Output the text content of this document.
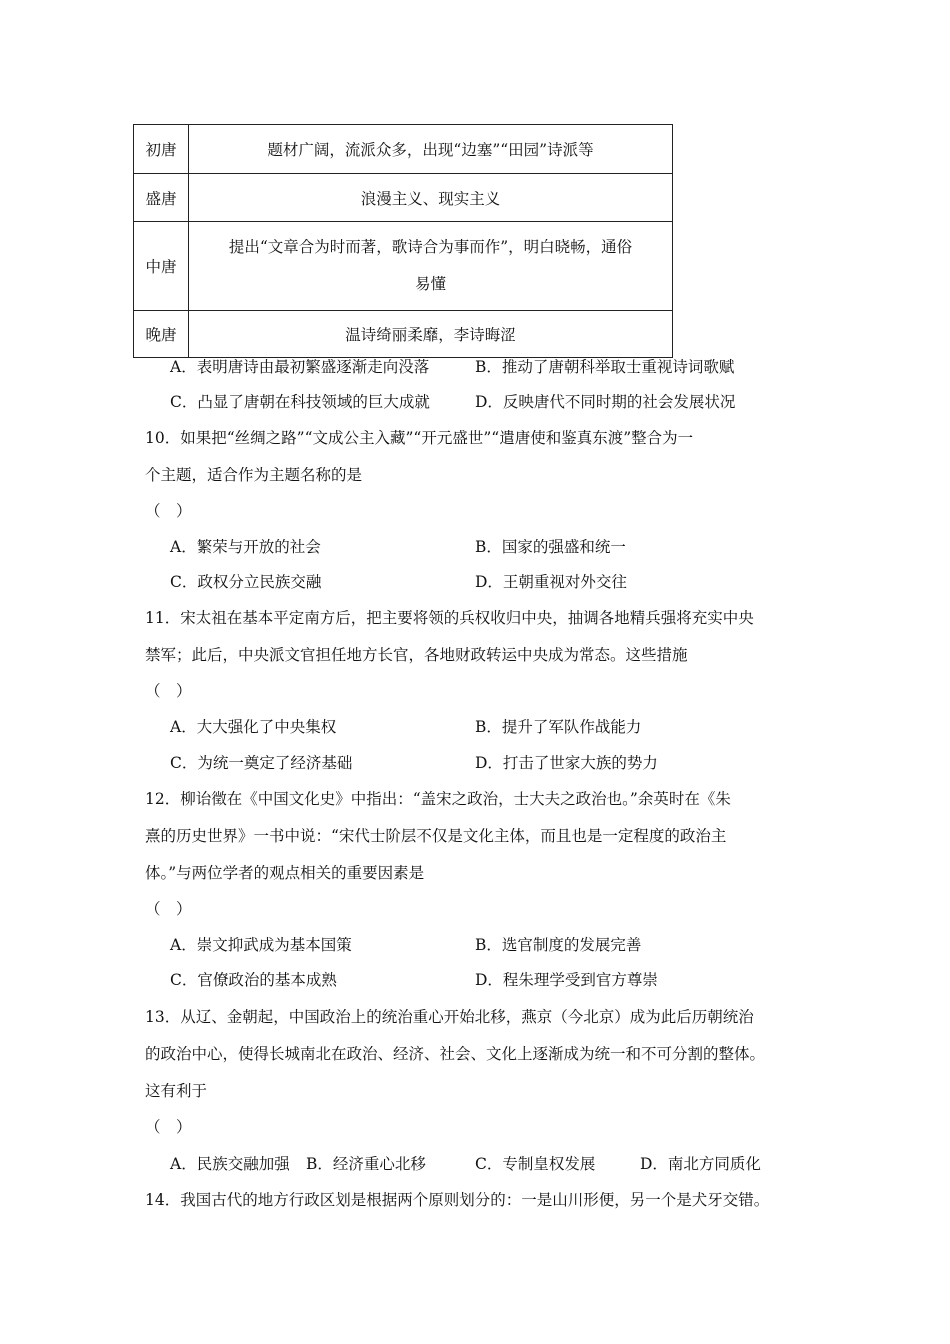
初唐	题材广阔，流派众多，出现“边塞”“田园”诗派等
盛唐	浪漫主义、现实主义
中唐	提出“文章合为时而著，歌诗合为事而作”，明白晓畅，通俗
易懂

晚唐	温诗绮丽柔靡，李诗晦涩
A．表明唐诗由最初繁盛逐渐走向没落	B．推动了唐朝科举取士重视诗词歌赋
C．凸显了唐朝在科技领域的巨大成就	D．反映唐代不同时期的社会发展状况
10．如果把“丝绸之路”“文成公主入藏”“开元盛世”“遣唐使和鉴真东渡”整合为一
个主题，适合作为主题名称的是
（　）
A．繁荣与开放的社会	B．国家的强盛和统一
C．政权分立民族交融	D．王朝重视对外交往
11．宋太祖在基本平定南方后，把主要将领的兵权收归中央，抽调各地精兵强将充实中央
禁军；此后，中央派文官担任地方长官，各地财政转运中央成为常态。这些措施
（　）
A．大大强化了中央集权	B．提升了军队作战能力
C．为统一奠定了经济基础	D．打击了世家大族的势力
12．柳诒徵在《中国文化史》中指出：“盖宋之政治，士大夫之政治也。”余英时在《朱
熹的历史世界》一书中说：“宋代士阶层不仅是文化主体，而且也是一定程度的政治主
体。”与两位学者的观点相关的重要因素是
（　）
A．崇文抑武成为基本国策	B．选官制度的发展完善
C．官僚政治的基本成熟	D．程朱理学受到官方尊崇
13．从辽、金朝起，中国政治上的统治重心开始北移，燕京（今北京）成为此后历朝统治
的政治中心，使得长城南北在政治、经济、社会、文化上逐渐成为统一和不可分割的整体。
这有利于
（　）
A．民族交融加强 B．经济重心北移	C．专制皇权发展	D．南北方同质化
14．我国古代的地方行政区划是根据两个原则划分的：一是山川形便，另一个是犬牙交错。
